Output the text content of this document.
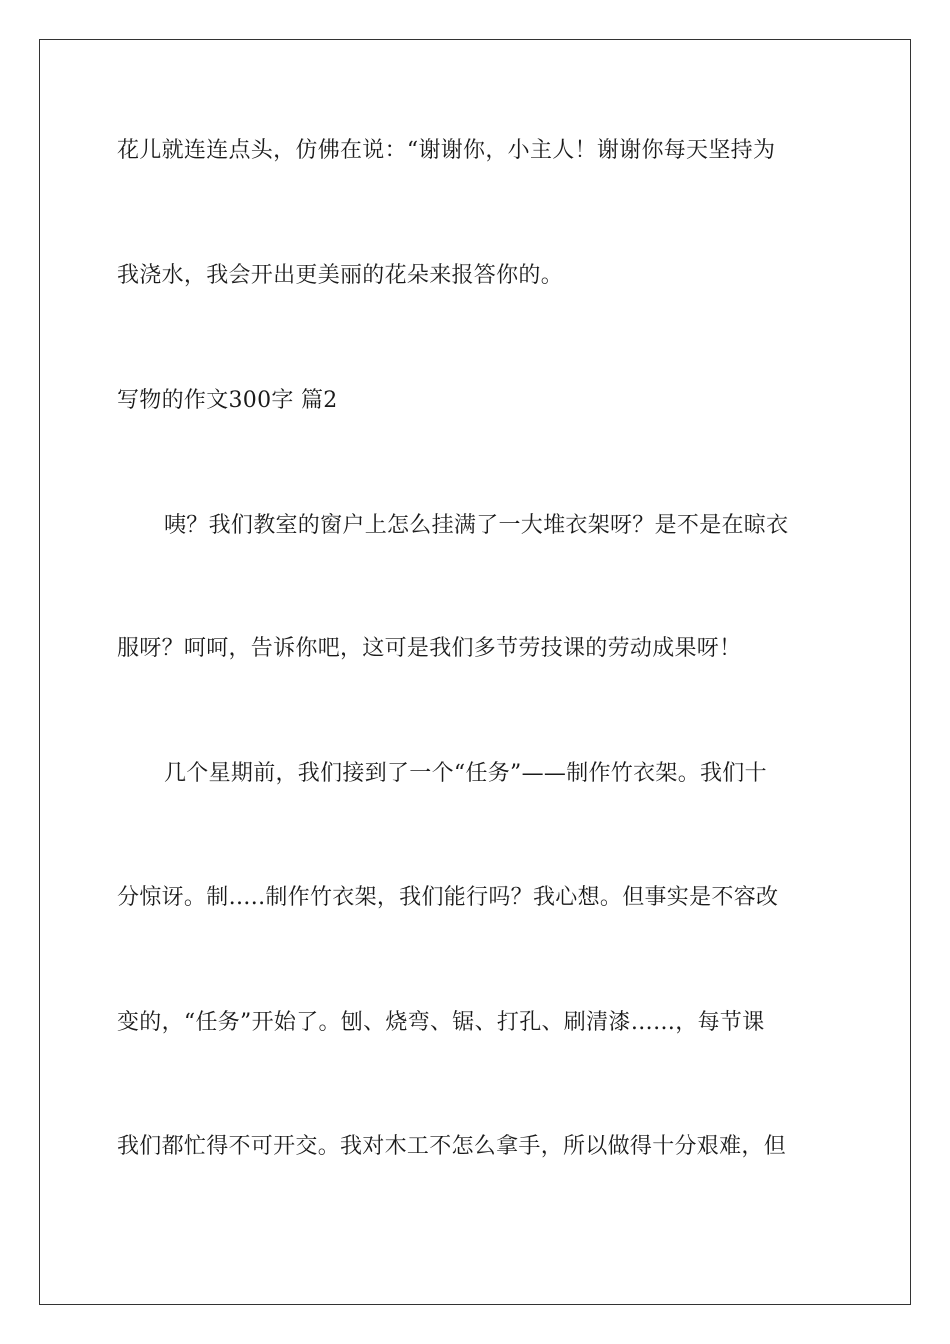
花儿就连连点头，仿佛在说：“谢谢你，小主人！谢谢你每天坚持为
我浇水，我会开出更美丽的花朵来报答你的。
写物的作文300字 篇2
咦？我们教室的窗户上怎么挂满了一大堆衣架呀？是不是在晾衣
服呀？呵呵，告诉你吧，这可是我们多节劳技课的劳动成果呀！
几个星期前，我们接到了一个“任务”——制作竹衣架。我们十
分惊讶。制…..制作竹衣架，我们能行吗？我心想。但事实是不容改
变的，“任务”开始了。刨、烧弯、锯、打孔、刷清漆……，每节课
我们都忙得不可开交。我对木工不怎么拿手，所以做得十分艰难，但
